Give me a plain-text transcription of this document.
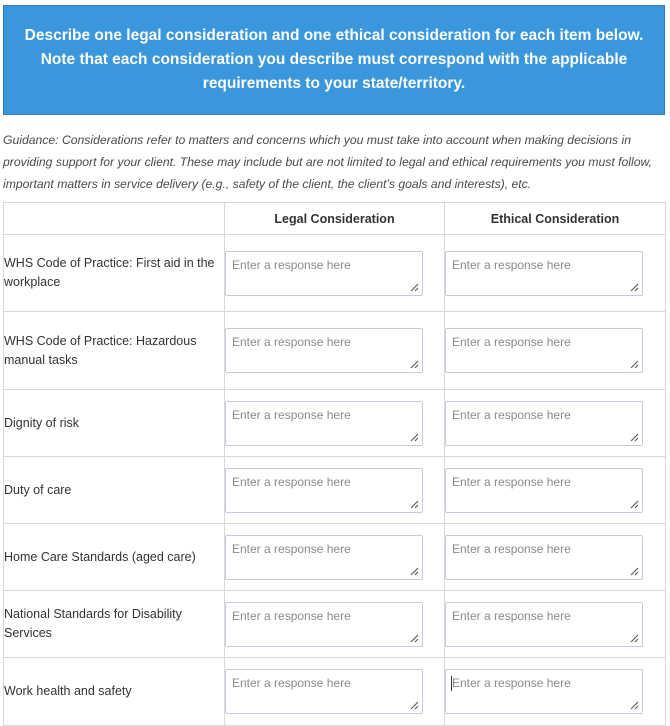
Describe one legal consideration and one ethical consideration for each item below.
Note that each consideration you describe must correspond with the applicable
requirements to your state/territory.
Guidance: Considerations refer to matters and concerns which you must take into account when making decisions in providing support for your client. These may include but are not limited to legal and ethical requirements you must follow, important matters in service delivery (e.g., safety of the client, the client’s goals and interests), etc.
	Legal Consideration	Ethical Consideration
WHS Code of Practice: First aid in the workplace	Enter a response here	Enter a response here

WHS Code of Practice: Hazardous manual tasks	Enter a response here	Enter a response here

Dignity of risk	Enter a response here	Enter a response here

Duty of care	Enter a response here	Enter a response here

Home Care Standards (aged care)	Enter a response here	Enter a response here

National Standards for Disability Services	Enter a response here	Enter a response here

Work health and safety	Enter a response here	Enter a response here
